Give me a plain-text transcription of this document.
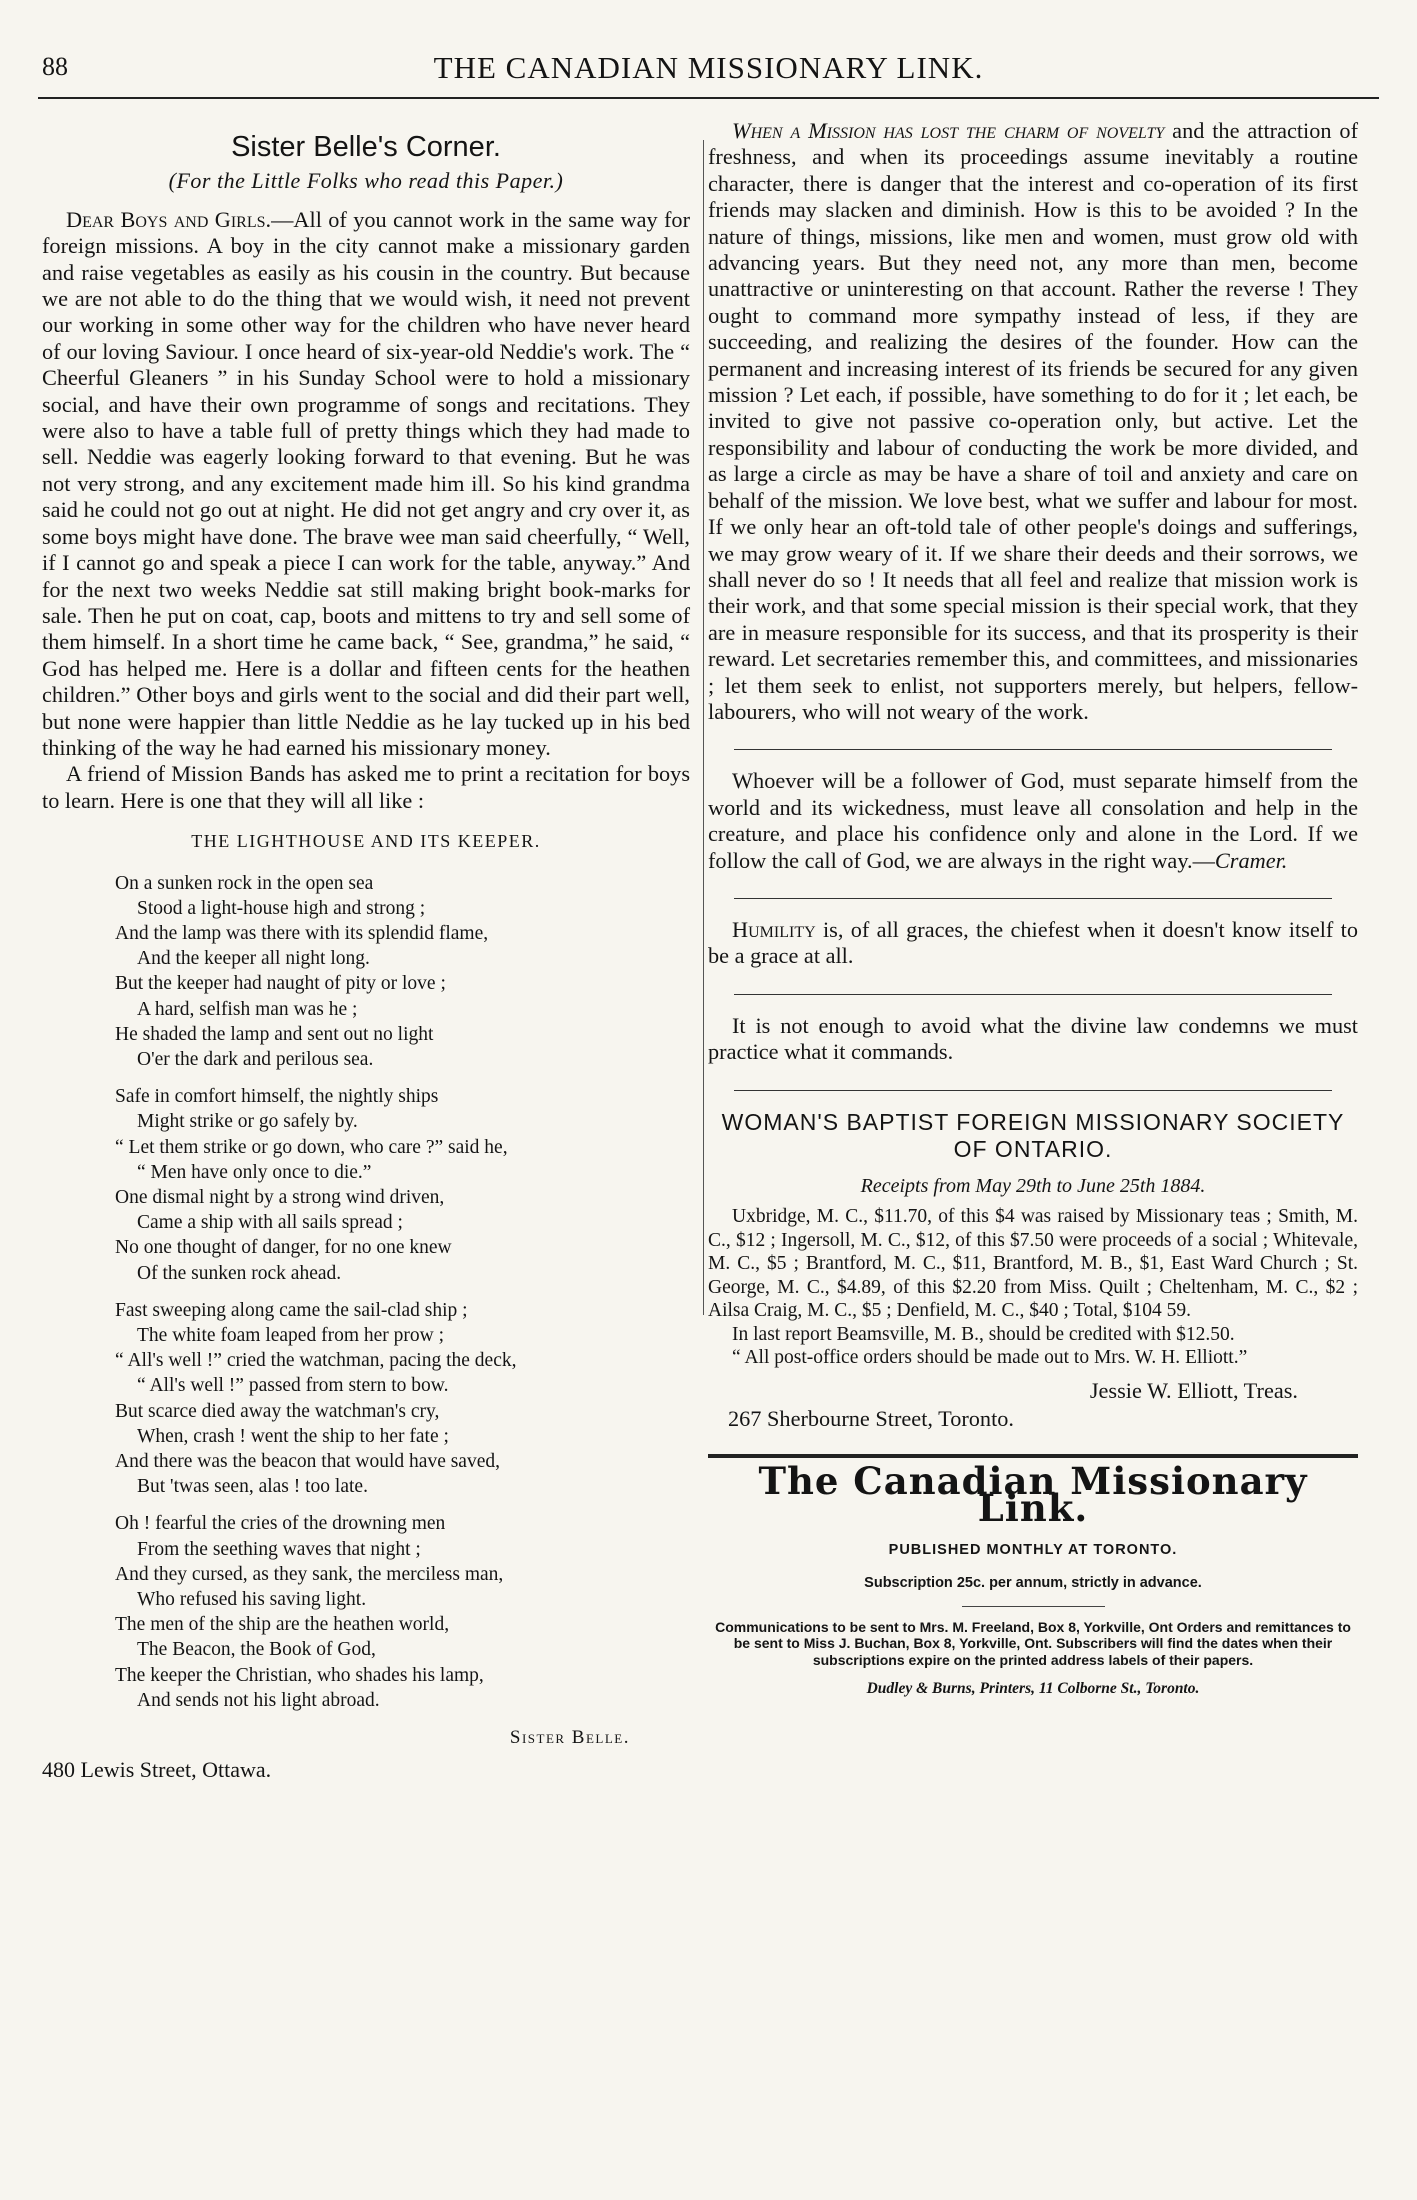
88	THE CANADIAN MISSIONARY LINK.
Sister Belle's Corner.
(For the Little Folks who read this Paper.)

Dear Boys and Girls.—All of you cannot work in the same way for foreign missions. A boy in the city cannot make a missionary garden and raise vegetables as easily as his cousin in the country. But because we are not able to do the thing that we would wish, it need not prevent our working in some other way for the children who have never heard of our loving Saviour. I once heard of six-year-old Neddie's work. The “ Cheerful Gleaners ” in his Sunday School were to hold a missionary social, and have their own programme of songs and recitations. They were also to have a table full of pretty things which they had made to sell. Neddie was eagerly looking forward to that evening. But he was not very strong, and any excitement made him ill. So his kind grandma said he could not go out at night. He did not get angry and cry over it, as some boys might have done. The brave wee man said cheerfully, “ Well, if I cannot go and speak a piece I can work for the table, anyway.” And for the next two weeks Neddie sat still making bright book-marks for sale. Then he put on coat, cap, boots and mittens to try and sell some of them himself. In a short time he came back, “ See, grandma,” he said, “ God has helped me. Here is a dollar and fifteen cents for the heathen children.” Other boys and girls went to the social and did their part well, but none were happier than little Neddie as he lay tucked up in his bed thinking of the way he had earned his missionary money.

A friend of Mission Bands has asked me to print a recitation for boys to learn. Here is one that they will all like :

THE LIGHTHOUSE AND ITS KEEPER.
On a sunken rock in the open sea
Stood a light-house high and strong ;
And the lamp was there with its splendid flame,
And the keeper all night long.
But the keeper had naught of pity or love ;
A hard, selfish man was he ;
He shaded the lamp and sent out no light
O'er the dark and perilous sea.
Safe in comfort himself, the nightly ships
Might strike or go safely by.
“ Let them strike or go down, who care ?” said he,
“ Men have only once to die.”
One dismal night by a strong wind driven,
Came a ship with all sails spread ;
No one thought of danger, for no one knew
Of the sunken rock ahead.
Fast sweeping along came the sail-clad ship ;
The white foam leaped from her prow ;
“ All's well !” cried the watchman, pacing the deck,
“ All's well !” passed from stern to bow.
But scarce died away the watchman's cry,
When, crash ! went the ship to her fate ;
And there was the beacon that would have saved,
But 'twas seen, alas ! too late.
Oh ! fearful the cries of the drowning men
From the seething waves that night ;
And they cursed, as they sank, the merciless man,
Who refused his saving light.
The men of the ship are the heathen world,
The Beacon, the Book of God,
The keeper the Christian, who shades his lamp,
And sends not his light abroad.
Sister Belle.
480 Lewis Street, Ottawa.

When a Mission has lost the charm of novelty and the attraction of freshness, and when its proceedings assume inevitably a routine character, there is danger that the interest and co-operation of its first friends may slacken and diminish. How is this to be avoided ? In the nature of things, missions, like men and women, must grow old with advancing years. But they need not, any more than men, become unattractive or uninteresting on that account. Rather the reverse ! They ought to command more sympathy instead of less, if they are succeeding, and realizing the desires of the founder. How can the permanent and increasing interest of its friends be secured for any given mission ? Let each, if possible, have something to do for it ; let each, be invited to give not passive co-operation only, but active. Let the responsibility and labour of conducting the work be more divided, and as large a circle as may be have a share of toil and anxiety and care on behalf of the mission. We love best, what we suffer and labour for most. If we only hear an oft-told tale of other people's doings and sufferings, we may grow weary of it. If we share their deeds and their sorrows, we shall never do so ! It needs that all feel and realize that mission work is their work, and that some special mission is their special work, that they are in measure responsible for its success, and that its prosperity is their reward. Let secretaries remember this, and committees, and missionaries ; let them seek to enlist, not supporters merely, but helpers, fellow-labourers, who will not weary of the work.

Whoever will be a follower of God, must separate himself from the world and its wickedness, must leave all consolation and help in the creature, and place his confidence only and alone in the Lord. If we follow the call of God, we are always in the right way.—Cramer.

Humility is, of all graces, the chiefest when it doesn't know itself to be a grace at all.

It is not enough to avoid what the divine law condemns we must practice what it commands.

WOMAN'S BAPTIST FOREIGN MISSIONARY SOCIETY OF ONTARIO.
Receipts from May 29th to June 25th 1884.

Uxbridge, M. C., $11.70, of this $4 was raised by Missionary teas ; Smith, M. C., $12 ; Ingersoll, M. C., $12, of this $7.50 were proceeds of a social ; Whitevale, M. C., $5 ; Brantford, M. C., $11, Brantford, M. B., $1, East Ward Church ; St. George, M. C., $4.89, of this $2.20 from Miss. Quilt ; Cheltenham, M. C., $2 ; Ailsa Craig, M. C., $5 ; Denfield, M. C., $40 ; Total, $104 59.

In last report Beamsville, M. B., should be credited with $12.50.

“ All post-office orders should be made out to Mrs. W. H. Elliott.”

Jessie W. Elliott, Treas.
267 Sherbourne Street, Toronto.
The Canadian Missionary Link.
PUBLISHED MONTHLY AT TORONTO.
Subscription 25c. per annum, strictly in advance.
Communications to be sent to Mrs. M. Freeland, Box 8, Yorkville, Ont Orders and remittances to be sent to Miss J. Buchan, Box 8, Yorkville, Ont. Subscribers will find the dates when their subscriptions expire on the printed address labels of their papers.
Dudley & Burns, Printers, 11 Colborne St., Toronto.
